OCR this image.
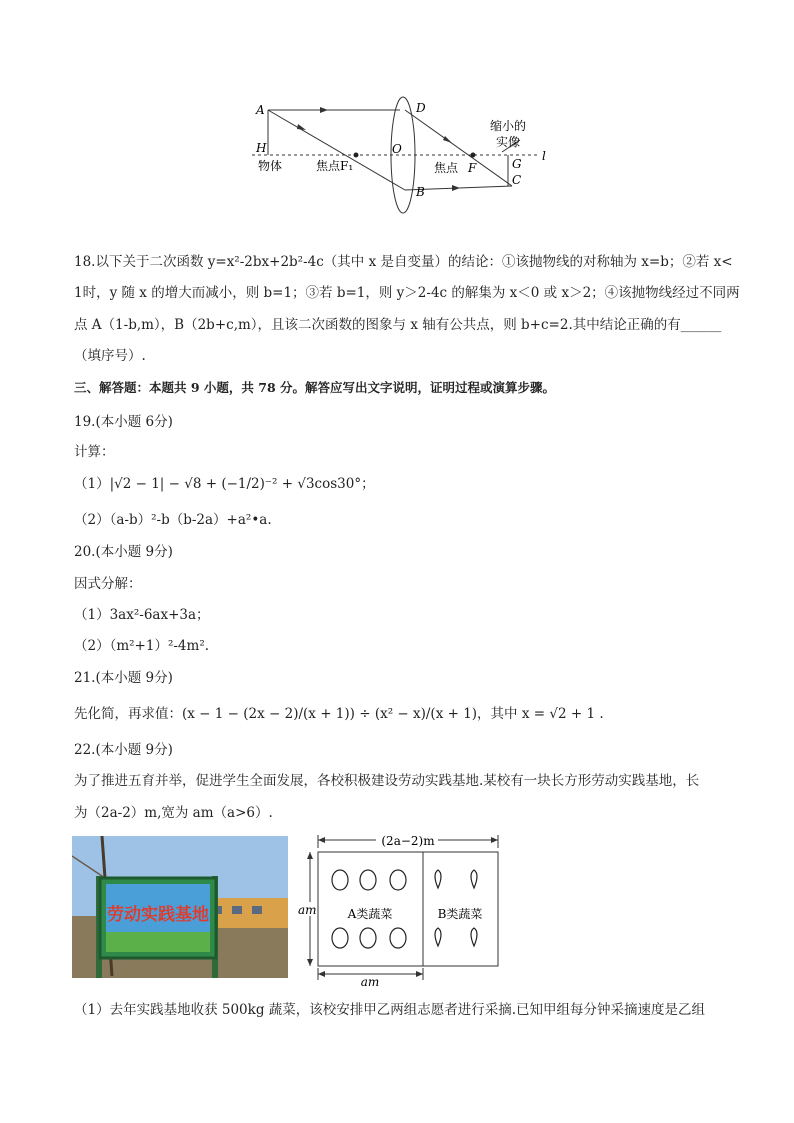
A
H
D
O
B
焦点F₁
物体	焦点 F	G
C
l
缩小的
实像
18.以下关于二次函数 y=x²-2bx+2b²-4c（其中 x 是自变量）的结论：①该抛物线的对称轴为 x=b；②若 x<
1时，y 随 x 的增大而减小，则 b=1；③若 b=1，则 y＞2-4c 的解集为 x＜0 或 x＞2；④该抛物线经过不同两
点 A（1-b,m），B（2b+c,m），且该二次函数的图象与 x 轴有公共点，则 b+c=2.其中结论正确的有______
（填序号）.
三、解答题：本题共 9 小题，共 78 分。解答应写出文字说明，证明过程或演算步骤。
19.(本小题 6分)
计算：
（1）|√2 − 1| − √8 + (−1/2)⁻² + √3cos30°；
（2）（a-b）²-b（b-2a）+a²•a.
20.(本小题 9分)
因式分解：
（1）3ax²-6ax+3a；
（2）（m²+1）²-4m².
21.(本小题 9分)
先化简，再求值：(x − 1 − (2x − 2)/(x + 1)) ÷ (x² − x)/(x + 1)，其中 x = √2 + 1 .
22.(本小题 9分)
为了推进五育并举，促进学生全面发展，各校积极建设劳动实践基地.某校有一块长方形劳动实践基地，长
为（2a-2）m,宽为 am（a>6）.
劳动实践基地
(2a−2)m
am
am
A类蔬菜	B类蔬菜
（1）去年实践基地收获 500kg 蔬菜，该校安排甲乙两组志愿者进行采摘.已知甲组每分钟采摘速度是乙组
